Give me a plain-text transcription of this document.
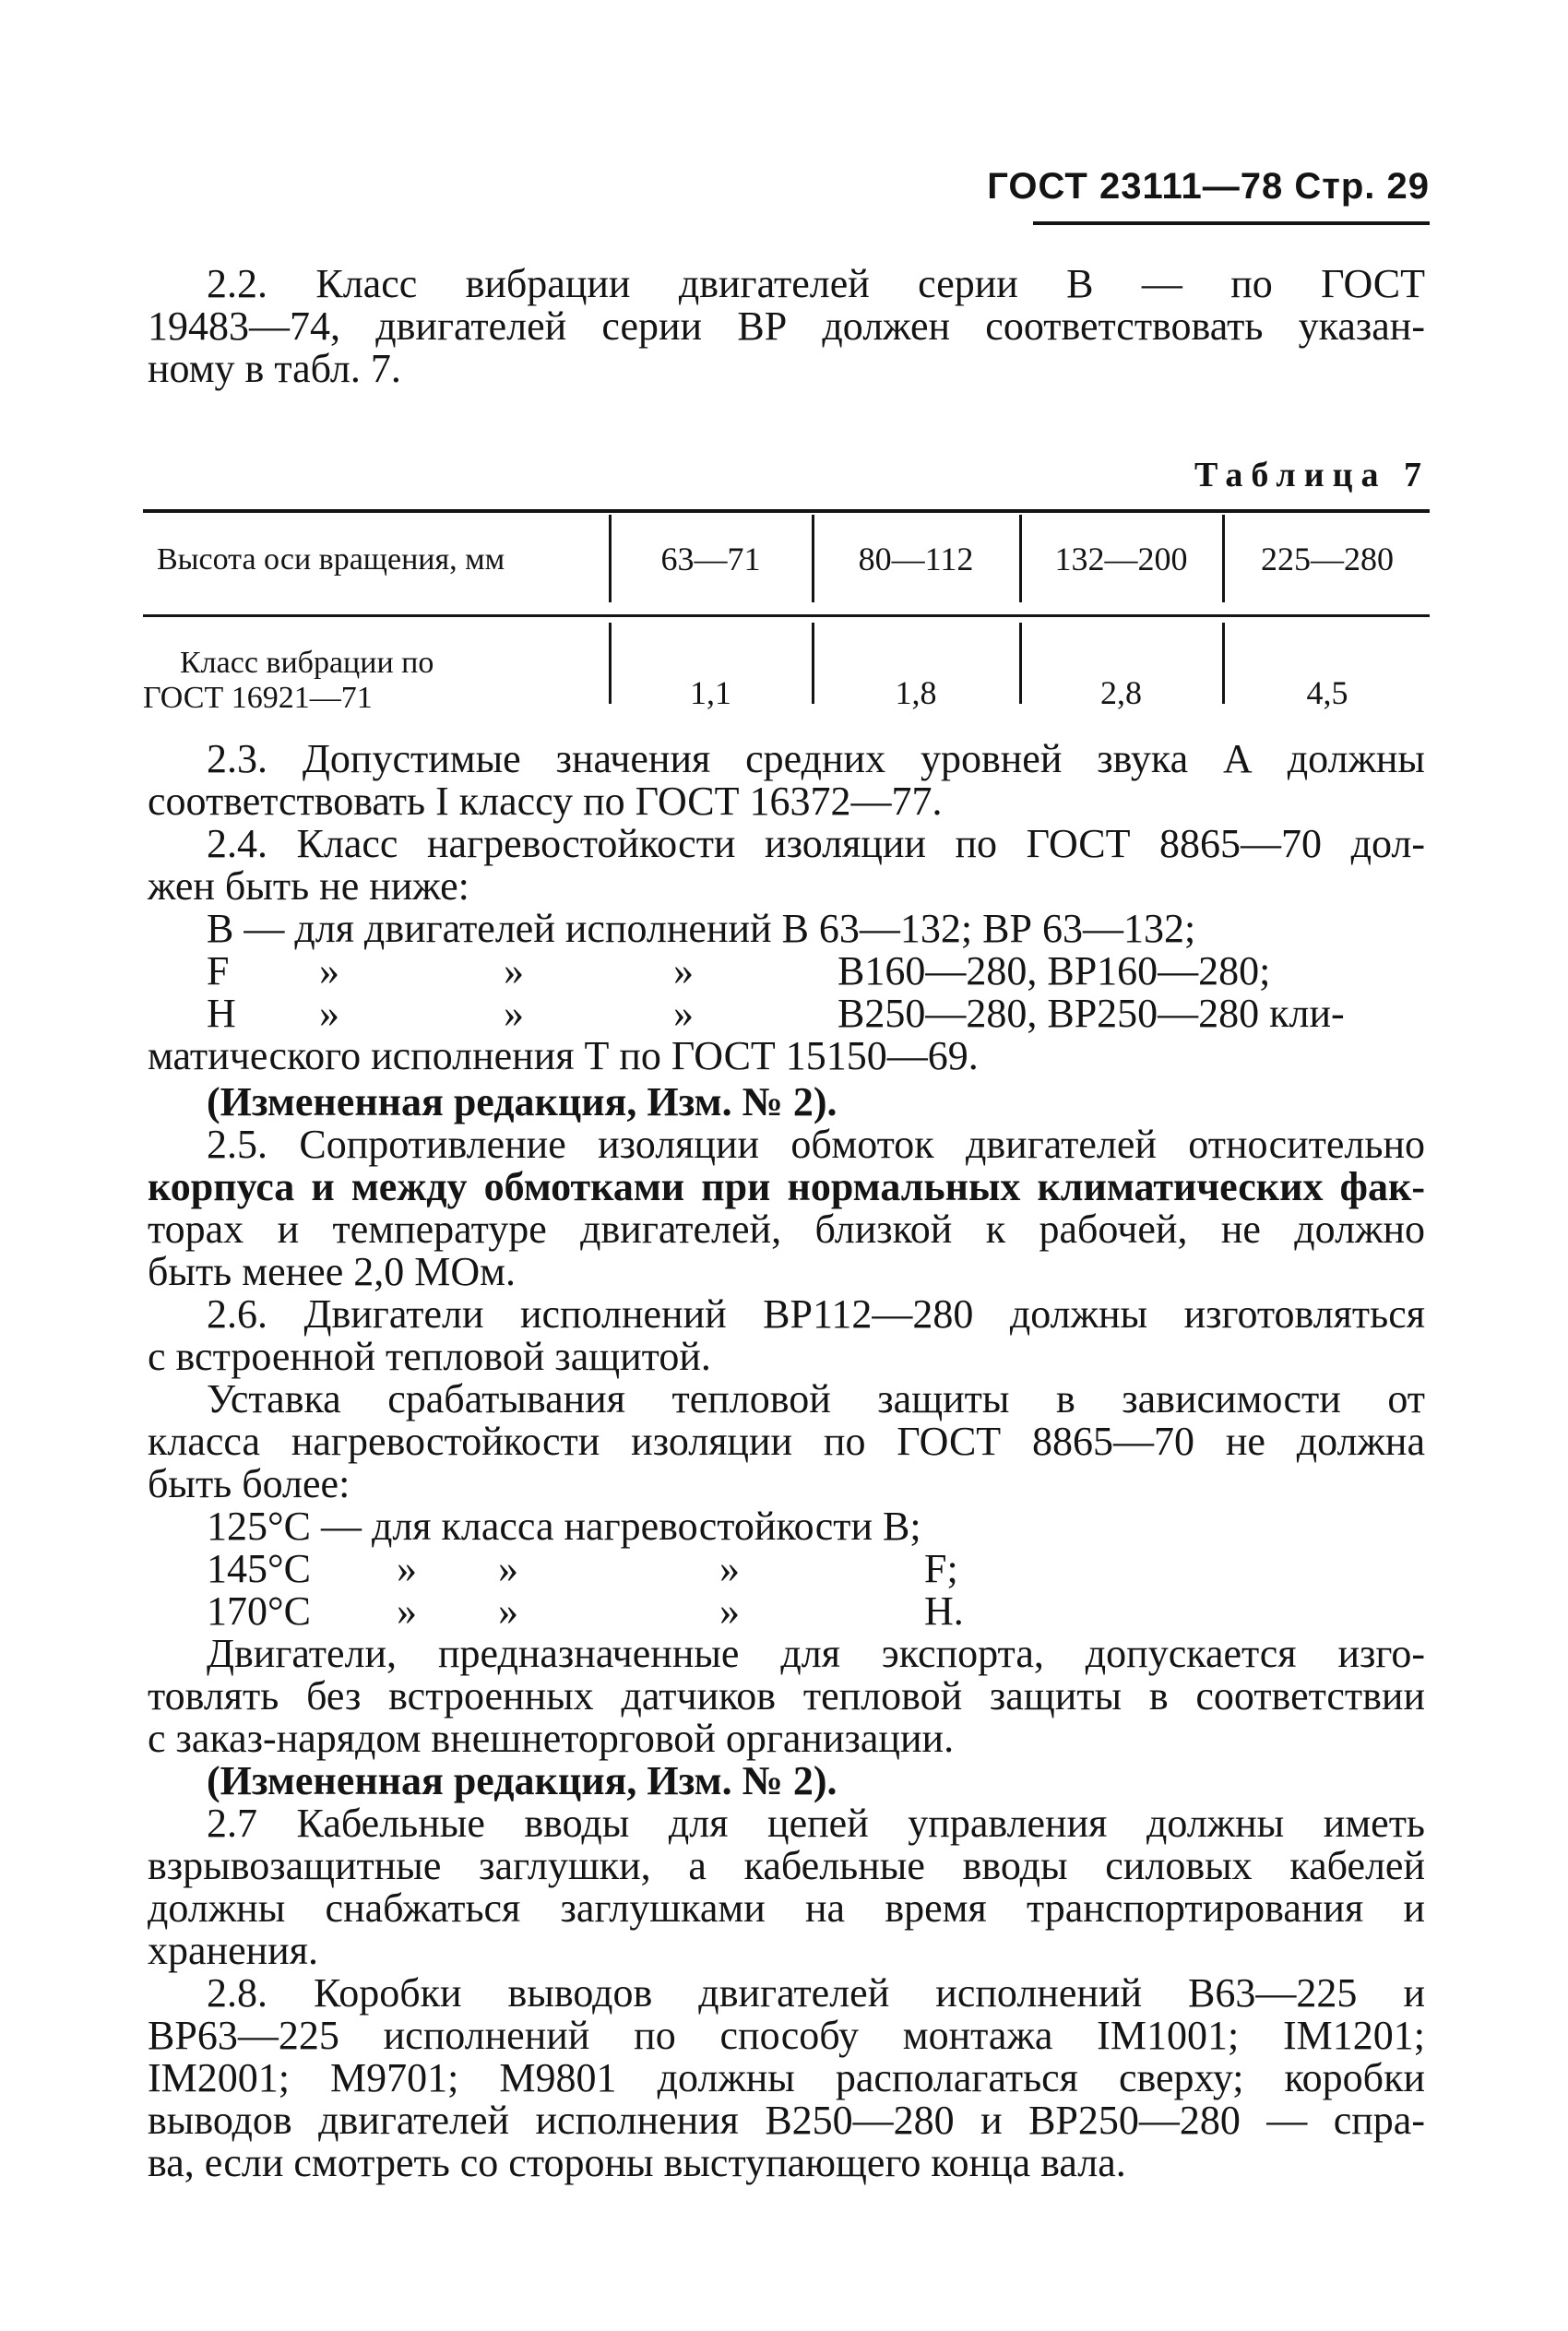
ГОСТ 23111—78 Стр. 29

2.2. Класс вибрации двигателей серии В — по ГОСТ

19483—74, двигателей серии ВР должен соответствовать указан-

ному в табл. 7.

Таблица 7
Высота оси вращения, мм	63—71	80—112	132—200	225—280
Класс вибрации по
ГОСТ 16921—71	1,1	1,8	2,8	4,5

2.3. Допустимые значения средних уровней звука А должны

соответствовать I классу по ГОСТ 16372—77.

2.4. Класс нагревостойкости изоляции по ГОСТ 8865—70 дол-

жен быть не ниже:

В — для двигателей исполнений В 63—132; ВР 63—132;

F »	»	»	В160—280, ВР160—280;
Н »	»	»	В250—280, ВР250—280 кли-

матического исполнения Т по ГОСТ 15150—69.

(Измененная редакция, Изм. № 2).

2.5. Сопротивление изоляции обмоток двигателей относительно

корпуса и между обмотками при нормальных климатических фак-

торах и температуре двигателей, близкой к рабочей, не должно

быть менее 2,0 МОм.

2.6. Двигатели исполнений ВР112—280 должны изготовляться

с встроенной тепловой защитой.

Уставка срабатывания тепловой защиты в зависимости от

класса нагревостойкости изоляции по ГОСТ 8865—70 не должна

быть более:

125°С — для класса нагревостойкости В;

145°С » »	»	F;
170°С » »	»	Н.

Двигатели, предназначенные для экспорта, допускается изго-

товлять без встроенных датчиков тепловой защиты в соответствии

с заказ-нарядом внешнеторговой организации.

(Измененная редакция, Изм. № 2).

2.7 Кабельные вводы для цепей управления должны иметь

взрывозащитные заглушки, а кабельные вводы силовых кабелей

должны снабжаться заглушками на время транспортирования и

хранения.

2.8. Коробки выводов двигателей исполнений В63—225 и

ВР63—225 исполнений по способу монтажа IM1001; IM1201;

IM2001; М9701; М9801 должны располагаться сверху; коробки

выводов двигателей исполнения В250—280 и ВР250—280 — спра-

ва, если смотреть со стороны выступающего конца вала.
